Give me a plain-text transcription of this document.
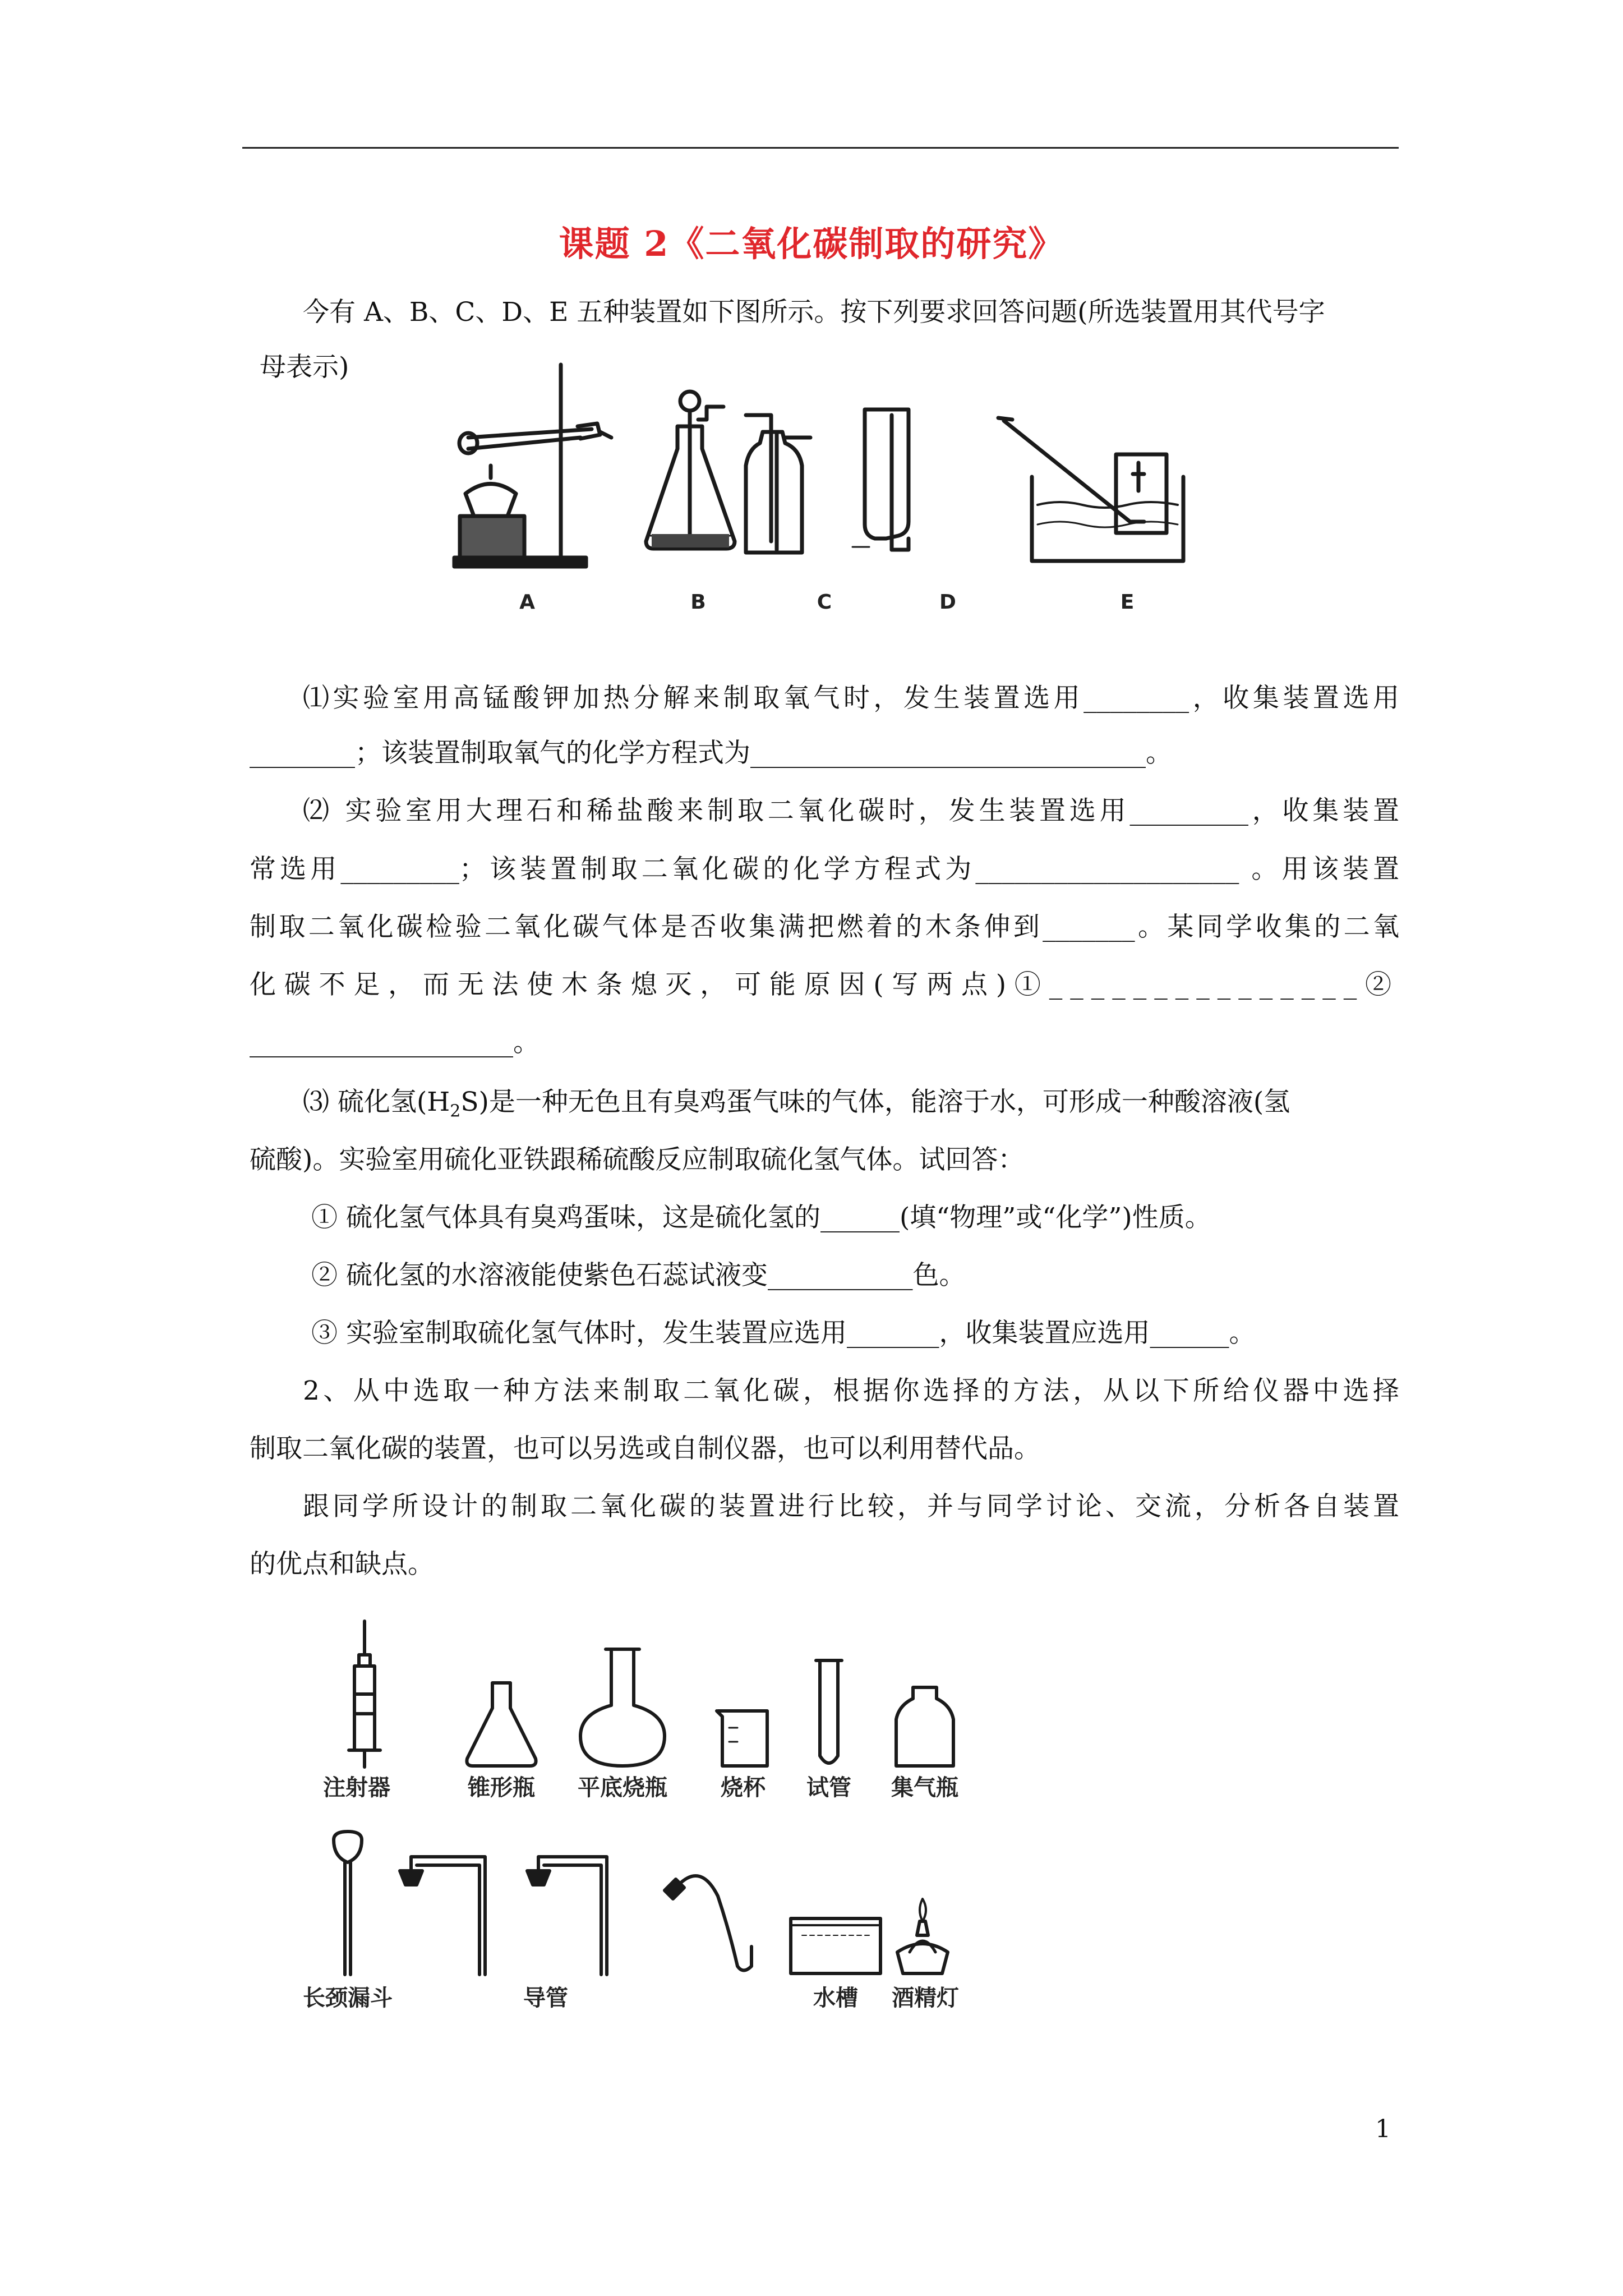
课题 2《二氧化碳制取的研究》
今有 A、B、C、D、E 五种装置如下图所示。按下列要求回答问题(所选装置用其代号字
母表示)
A	B	C	D	E
⑴实验室用高锰酸钾加热分解来制取氧气时，发生装置选用________，收集装置选用
________；该装置制取氧气的化学方程式为______________________________。
⑵ 实验室用大理石和稀盐酸来制取二氧化碳时，发生装置选用_________，收集装置
常选用_________；该装置制取二氧化碳的化学方程式为____________________ 。用该装置
制取二氧化碳检验二氧化碳气体是否收集满把燃着的木条伸到_______。某同学收集的二氧
化碳不足，而无法使木条熄灭，可能原因(写两点)①_______________②
____________________。
⑶ 硫化氢$(H_2S)$是一种无色且有臭鸡蛋气味的气体，能溶于水，可形成一种酸溶液(氢
硫酸)。实验室用硫化亚铁跟稀硫酸反应制取硫化氢气体。试回答：
① 硫化氢气体具有臭鸡蛋味，这是硫化氢的______(填“物理”或“化学”)性质。
② 硫化氢的水溶液能使紫色石蕊试液变___________色。
③ 实验室制取硫化氢气体时，发生装置应选用_______，收集装置应选用______。
2、从中选取一种方法来制取二氧化碳，根据你选择的方法，从以下所给仪器中选择
制取二氧化碳的装置，也可以另选或自制仪器，也可以利用替代品。
跟同学所设计的制取二氧化碳的装置进行比较，并与同学讨论、交流，分析各自装置
的优点和缺点。
注射器	锥形瓶 平底烧瓶 烧杯 试管 集气瓶
长颈漏斗	导管	水槽 酒精灯
1
